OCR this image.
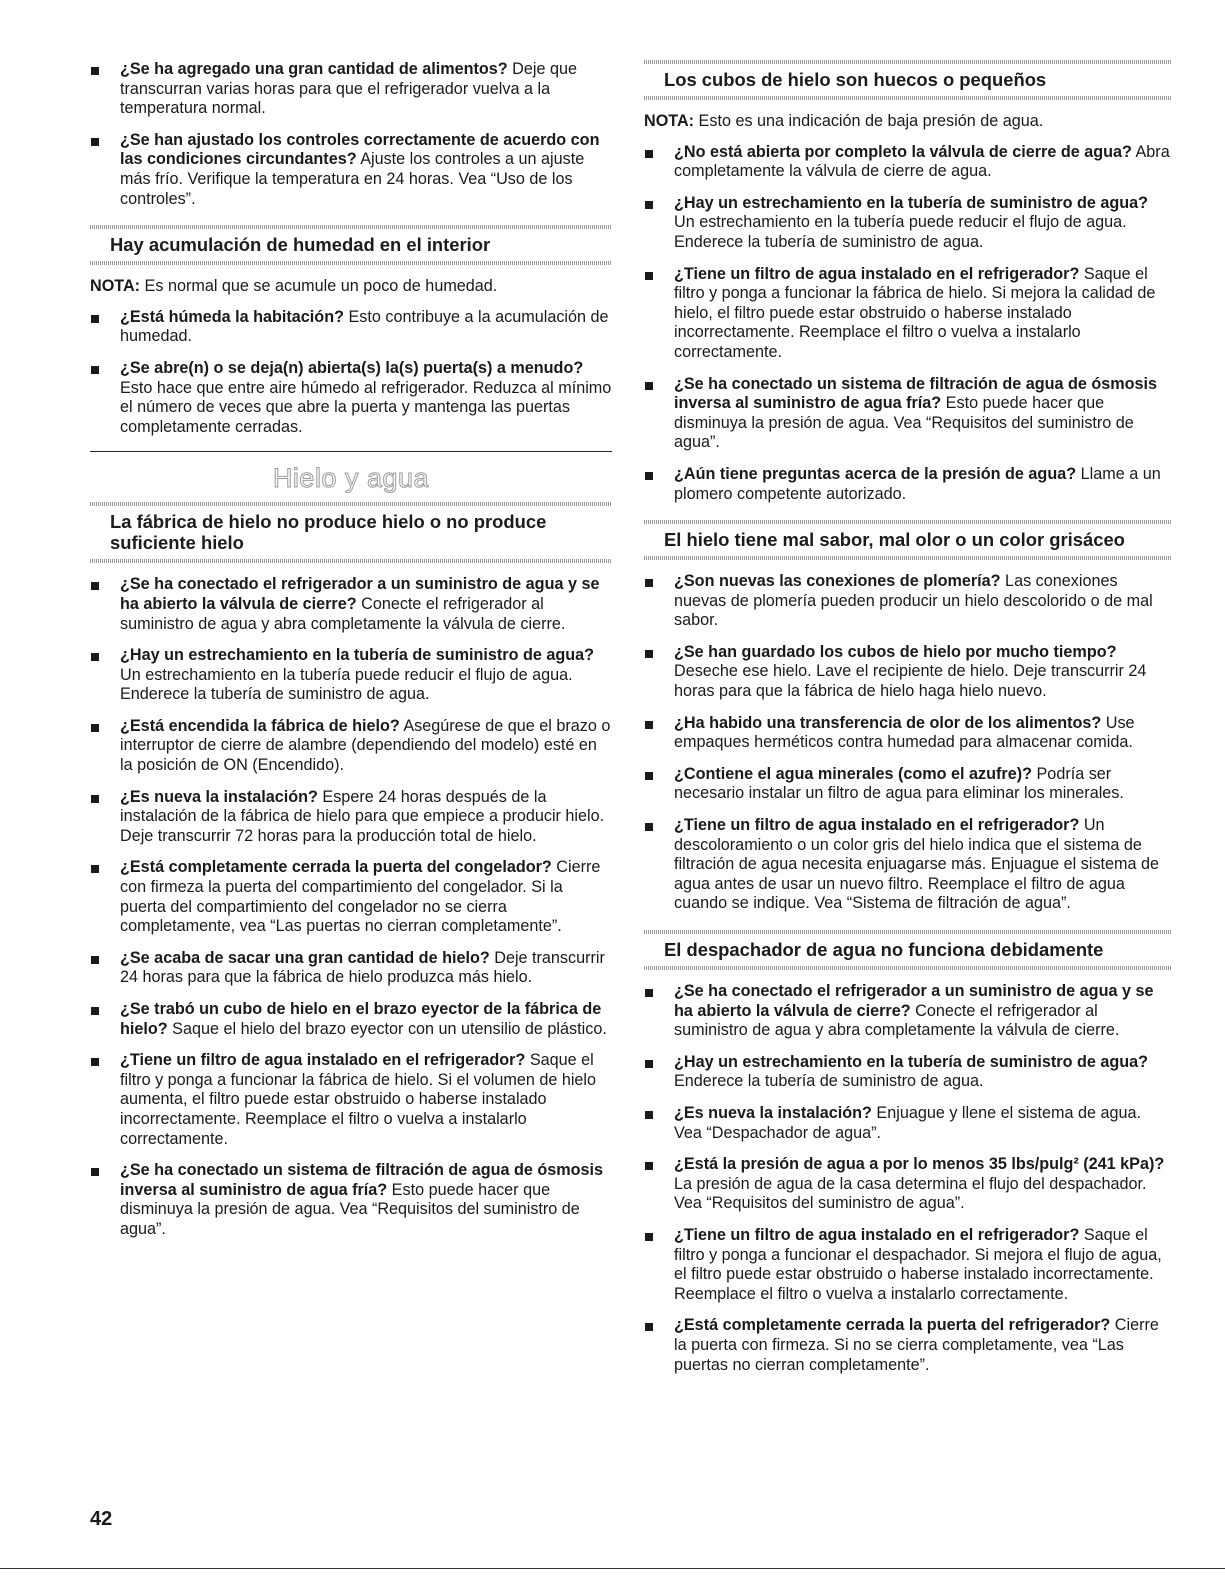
¿Se ha agregado una gran cantidad de alimentos? Deje que transcurran varias horas para que el refrigerador vuelva a la temperatura normal.
¿Se han ajustado los controles correctamente de acuerdo con las condiciones circundantes? Ajuste los controles a un ajuste más frío. Verifique la temperatura en 24 horas. Vea “Uso de los controles”.
Hay acumulación de humedad en el interior

NOTA: Es normal que se acumule un poco de humedad.

¿Está húmeda la habitación? Esto contribuye a la acumulación de humedad.
¿Se abre(n) o se deja(n) abierta(s) la(s) puerta(s) a menudo? Esto hace que entre aire húmedo al refrigerador. Reduzca al mínimo el número de veces que abre la puerta y mantenga las puertas completamente cerradas.
Hielo y agua
La fábrica de hielo no produce hielo o no produce suficiente hielo
¿Se ha conectado el refrigerador a un suministro de agua y se ha abierto la válvula de cierre? Conecte el refrigerador al suministro de agua y abra completamente la válvula de cierre.
¿Hay un estrechamiento en la tubería de suministro de agua? Un estrechamiento en la tubería puede reducir el flujo de agua. Enderece la tubería de suministro de agua.
¿Está encendida la fábrica de hielo? Asegúrese de que el brazo o interruptor de cierre de alambre (dependiendo del modelo) esté en la posición de ON (Encendido).
¿Es nueva la instalación? Espere 24 horas después de la instalación de la fábrica de hielo para que empiece a producir hielo. Deje transcurrir 72 horas para la producción total de hielo.
¿Está completamente cerrada la puerta del congelador? Cierre con firmeza la puerta del compartimiento del congelador. Si la puerta del compartimiento del congelador no se cierra completamente, vea “Las puertas no cierran completamente”.
¿Se acaba de sacar una gran cantidad de hielo? Deje transcurrir 24 horas para que la fábrica de hielo produzca más hielo.
¿Se trabó un cubo de hielo en el brazo eyector de la fábrica de hielo? Saque el hielo del brazo eyector con un utensilio de plástico.
¿Tiene un filtro de agua instalado en el refrigerador? Saque el filtro y ponga a funcionar la fábrica de hielo. Si el volumen de hielo aumenta, el filtro puede estar obstruido o haberse instalado incorrectamente. Reemplace el filtro o vuelva a instalarlo correctamente.
¿Se ha conectado un sistema de filtración de agua de ósmosis inversa al suministro de agua fría? Esto puede hacer que disminuya la presión de agua. Vea “Requisitos del suministro de agua”.
Los cubos de hielo son huecos o pequeños

NOTA: Esto es una indicación de baja presión de agua.

¿No está abierta por completo la válvula de cierre de agua? Abra completamente la válvula de cierre de agua.
¿Hay un estrechamiento en la tubería de suministro de agua? Un estrechamiento en la tubería puede reducir el flujo de agua. Enderece la tubería de suministro de agua.
¿Tiene un filtro de agua instalado en el refrigerador? Saque el filtro y ponga a funcionar la fábrica de hielo. Si mejora la calidad de hielo, el filtro puede estar obstruido o haberse instalado incorrectamente. Reemplace el filtro o vuelva a instalarlo correctamente.
¿Se ha conectado un sistema de filtración de agua de ósmosis inversa al suministro de agua fría? Esto puede hacer que disminuya la presión de agua. Vea “Requisitos del suministro de agua”.
¿Aún tiene preguntas acerca de la presión de agua? Llame a un plomero competente autorizado.
El hielo tiene mal sabor, mal olor o un color grisáceo
¿Son nuevas las conexiones de plomería? Las conexiones nuevas de plomería pueden producir un hielo descolorido o de mal sabor.
¿Se han guardado los cubos de hielo por mucho tiempo? Deseche ese hielo. Lave el recipiente de hielo. Deje transcurrir 24 horas para que la fábrica de hielo haga hielo nuevo.
¿Ha habido una transferencia de olor de los alimentos? Use empaques herméticos contra humedad para almacenar comida.
¿Contiene el agua minerales (como el azufre)? Podría ser necesario instalar un filtro de agua para eliminar los minerales.
¿Tiene un filtro de agua instalado en el refrigerador? Un descoloramiento o un color gris del hielo indica que el sistema de filtración de agua necesita enjuagarse más. Enjuague el sistema de agua antes de usar un nuevo filtro. Reemplace el filtro de agua cuando se indique. Vea “Sistema de filtración de agua”.
El despachador de agua no funciona debidamente
¿Se ha conectado el refrigerador a un suministro de agua y se ha abierto la válvula de cierre? Conecte el refrigerador al suministro de agua y abra completamente la válvula de cierre.
¿Hay un estrechamiento en la tubería de suministro de agua? Enderece la tubería de suministro de agua.
¿Es nueva la instalación? Enjuague y llene el sistema de agua. Vea “Despachador de agua”.
¿Está la presión de agua a por lo menos 35 lbs/pulg² (241 kPa)? La presión de agua de la casa determina el flujo del despachador. Vea “Requisitos del suministro de agua”.
¿Tiene un filtro de agua instalado en el refrigerador? Saque el filtro y ponga a funcionar el despachador. Si mejora el flujo de agua, el filtro puede estar obstruido o haberse instalado incorrectamente. Reemplace el filtro o vuelva a instalarlo correctamente.
¿Está completamente cerrada la puerta del refrigerador? Cierre la puerta con firmeza. Si no se cierra completamente, vea “Las puertas no cierran completamente”.
42
